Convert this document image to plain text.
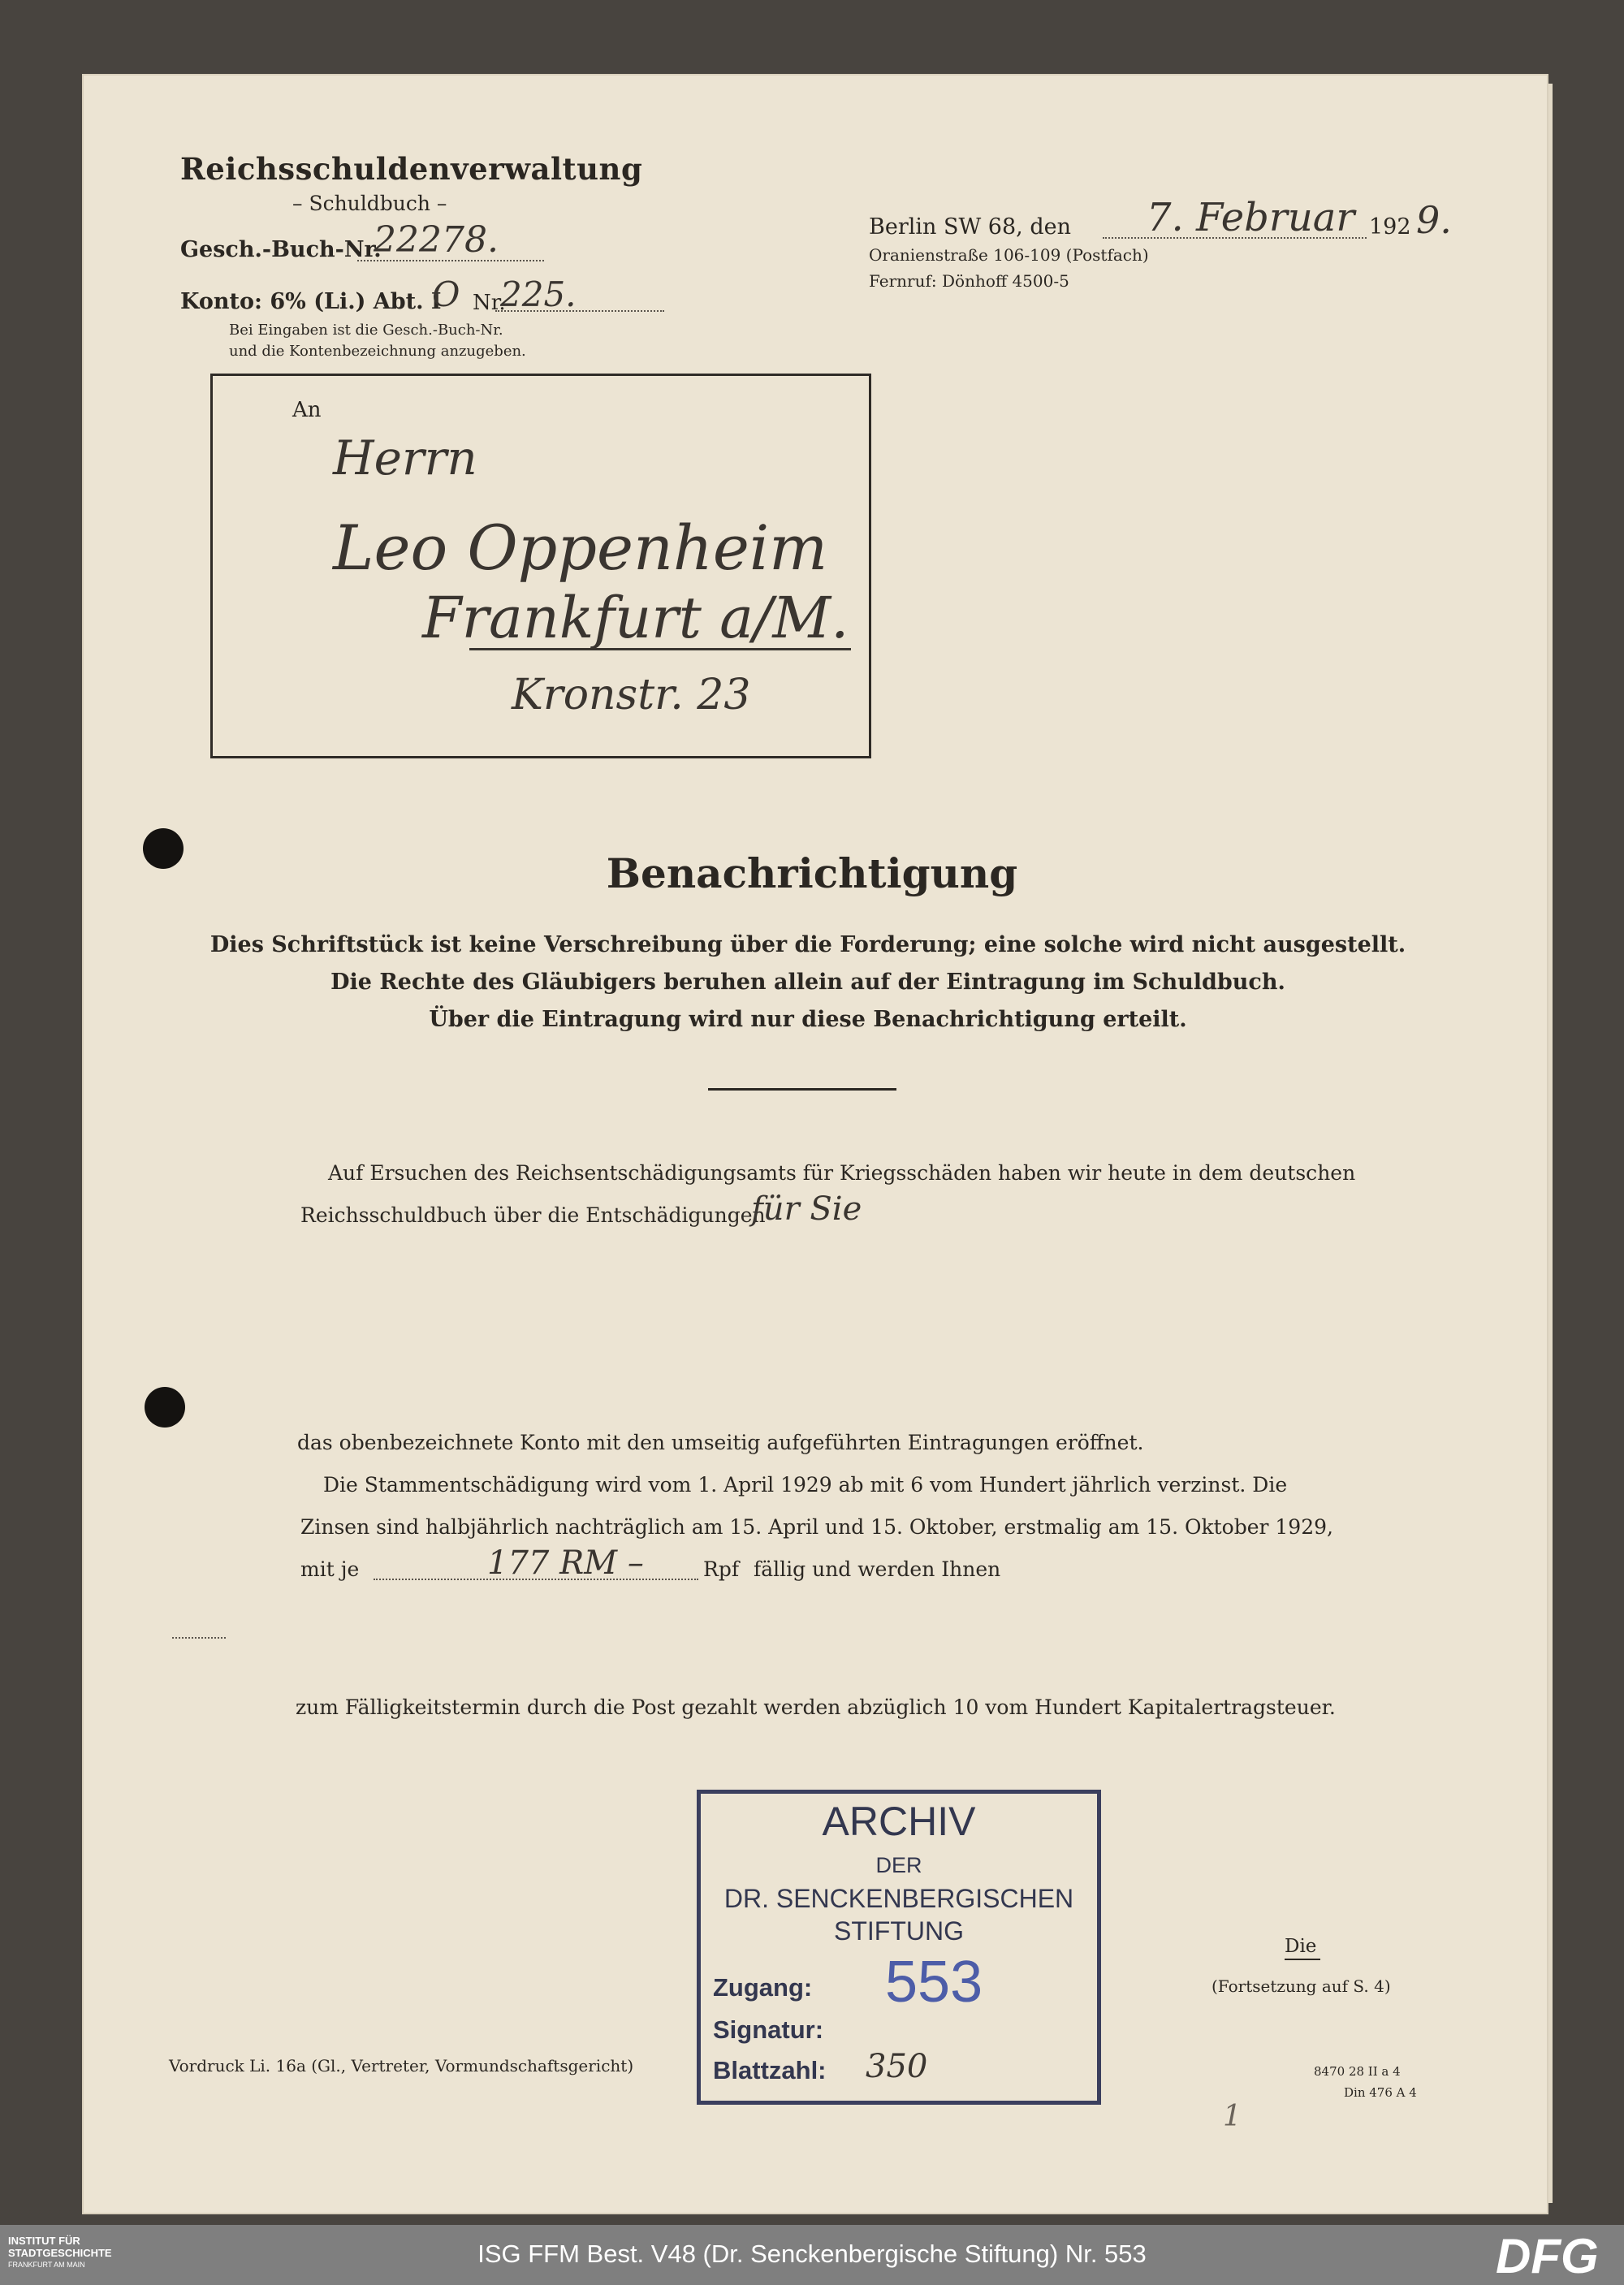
Reichsschuldenverwaltung
– Schuldbuch –
Gesch.-Buch-Nr.
22278.
Konto: 6% (Li.) Abt. I
O Nr.
225.
Bei Eingaben ist die Gesch.-Buch-Nr.
und die Kontenbezeichnung anzugeben.
Berlin SW 68, den 7. Februar 192 9.
Oranienstraße 106-109 (Postfach)
Fernruf: Dönhoff 4500-5
An
Herrn
Leo Oppenheim
Frankfurt a/M.
Kronstr. 23
Benachrichtigung
Dies Schriftstück ist keine Verschreibung über die Forderung; eine solche wird nicht ausgestellt.
Die Rechte des Gläubigers beruhen allein auf der Eintragung im Schuldbuch.
Über die Eintragung wird nur diese Benachrichtigung erteilt.
Auf Ersuchen des Reichsentschädigungsamts für Kriegsschäden haben wir heute in dem deutschen
Reichsschuldbuch über die Entschädigungen
für Sie
das obenbezeichnete Konto mit den umseitig aufgeführten Eintragungen eröffnet.
Die Stammentschädigung wird vom 1. April 1929 ab mit 6 vom Hundert jährlich verzinst. Die
Zinsen sind halbjährlich nachträglich am 15. April und 15. Oktober, erstmalig am 15. Oktober 1929,
mit je	177 RM –	Rpf fällig und werden Ihnen
zum Fälligkeitstermin durch die Post gezahlt werden abzüglich 10 vom Hundert Kapitalertragsteuer.
Die
(Fortsetzung auf S. 4)
Vordruck Li. 16a (Gl., Vertreter, Vormundschaftsgericht)	8470 28 II a 4
Din 476 A 4
1
ARCHIV
DER
DR. SENCKENBERGISCHEN
STIFTUNG
Zugang: 553
Signatur:
Blattzahl: 350
INSTITUT FÜR
STADTGESCHICHTE
FRANKFURT AM MAIN	ISG FFM Best. V48 (Dr. Senckenbergische Stiftung) Nr. 553	DFG
